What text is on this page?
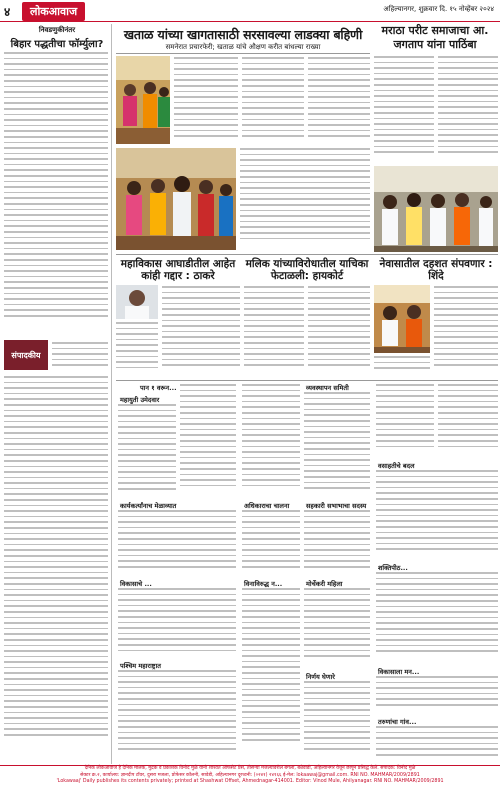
४	लोकआवाज	अहिल्यानगर, शुक्रवार दि. १५ नोव्हेंबर २०२४
निवडणुकीनंतर
बिहार पद्धतीचा फॉर्म्युला?
संपादकीय
खताळ यांच्या खागतासाठी सरसावल्या लाडक्या बहिणी
समनेरात प्रचारफेरी; खताळ यांचे औक्षण करीत बांधल्या राख्या
मराठा परीट समाजाचा आ. जगताप यांना पाठिंबा
महाविकास आघाडीतील आहेत कांही गद्दार : ठाकरे
मलिक यांच्याविरोधातील याचिका फेटाळली: हायकोर्ट
नेवासातील दहशत संपवणार : शिंदे
पान १ वरून...
महायुती उमेदवार
कार्यकर्त्यांनाच मेळाव्यात
विकासाचे ...
पश्चिम महाराष्ट्रात
अधिकाराचा चालना
विनाविरुद्ध न...
व्यवस्थापन समिती
सहकारी सभाभाचा सदस्य
मोर्चेकरी महिला
निर्णय घेणारे
वसाहतीचे बदल
शक्तिपीठ...
विकासाला मन...
तरुणांचा गांव...

दैनिक लोकआवाज हे दैनिक मालक, मुद्रक व प्रकाशक विनोद मुळे यांनी शाश्‍वत ऑफसेट प्रेस, तीसऱ्या मजल्यावरील बंगला, बन्नेवाडी, अहिल्यानगर येथून छापून प्रसिद्ध केले. संपादक: विनोद मुळे

सेक्टर क्र.२, कार्यालय: ज्ञानदीप टॉवर, दुसरा मजला, प्रोफेसर कॉलनी, सावेडी, अहिल्यानगर दूरध्वनी: (०२४१) २४१६६ ई-मेल: lokaawaj@gmail.com. RNI NO. MAHMAR/2009/2891

'Lokawaaj' Daily publishes its contents privately; printed at Shashwat Offset, Ahmednagar-414001. Editor: Vinod Mule, Ahilyanagar. RNI NO. MAHMAR/2009/2891
